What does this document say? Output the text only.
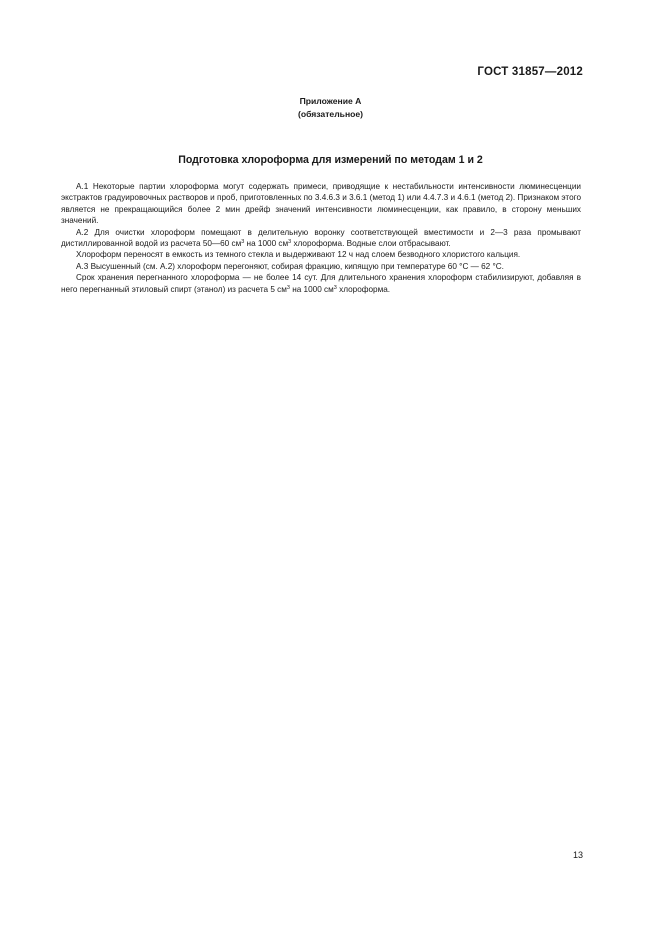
ГОСТ 31857—2012
Приложение А
(обязательное)
Подготовка хлороформа для измерений по методам 1 и 2

А.1 Некоторые партии хлороформа могут содержать примеси, приводящие к нестабильности интенсивности люминесценции экстрактов градуировочных растворов и проб, приготовленных по 3.4.6.3 и 3.6.1 (метод 1) или 4.4.7.3 и 4.6.1 (метод 2). Признаком этого является не прекращающийся более 2 мин дрейф значений интенсивности люминесценции, как правило, в сторону меньших значений.

А.2 Для очистки хлороформ помещают в делительную воронку соответствующей вместимости и 2—3 раза промывают дистиллированной водой из расчета 50—60 $см^3$ на 1000 $см^3$ хлороформа. Водные слои отбрасывают.

Хлороформ переносят в емкость из темного стекла и выдерживают 12 ч над слоем безводного хлористого кальция.

А.3 Высушенный (см. А.2) хлороформ перегоняют, собирая фракцию, кипящую при температуре 60 °С — 62 °С.

Срок хранения перегнанного хлороформа — не более 14 сут. Для длительного хранения хлороформ стабилизируют, добавляя в него перегнанный этиловый спирт (этанол) из расчета 5 $см^3$ на 1000 $см^3$ хлороформа.

13
